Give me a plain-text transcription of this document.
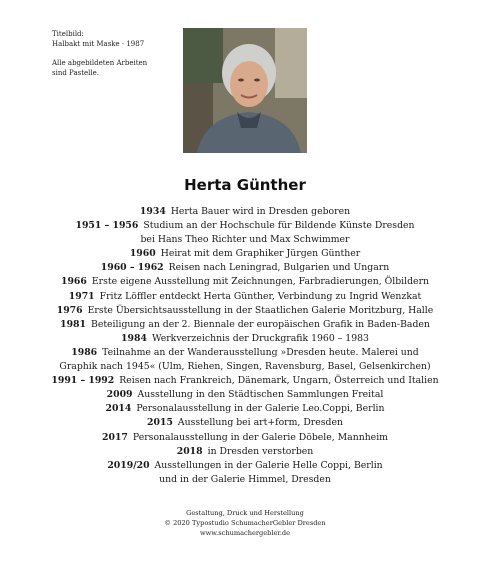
Titelbild:
Halbakt mit Maske · 1987

Alle abgebildeten Arbeiten
sind Pastelle.

Herta Günther
1934 Herta Bauer wird in Dresden geboren
1951 – 1956 Studium an der Hochschule für Bildende Künste Dresden
bei Hans Theo Richter und Max Schwimmer
1960 Heirat mit dem Graphiker Jürgen Günther
1960 – 1962 Reisen nach Leningrad, Bulgarien und Ungarn
1966 Erste eigene Ausstellung mit Zeichnungen, Farbradierungen, Ölbildern
1971 Fritz Löffler entdeckt Herta Günther, Verbindung zu Ingrid Wenzkat
1976 Erste Übersichtsausstellung in der Staatlichen Galerie Moritzburg, Halle
1981 Beteiligung an der 2. Biennale der europäischen Grafik in Baden-Baden
1984 Werkverzeichnis der Druckgrafik 1960 – 1983
1986 Teilnahme an der Wanderausstellung »Dresden heute. Malerei und
Graphik nach 1945« (Ulm, Riehen, Singen, Ravensburg, Basel, Gelsenkirchen)
1991 – 1992 Reisen nach Frankreich, Dänemark, Ungarn, Österreich und Italien
2009 Ausstellung in den Städtischen Sammlungen Freital
2014 Personalausstellung in der Galerie Leo.Coppi, Berlin
2015 Ausstellung bei art+form, Dresden
2017 Personalausstellung in der Galerie Döbele, Mannheim
2018 in Dresden verstorben
2019/20 Ausstellungen in der Galerie Helle Coppi, Berlin
und in der Galerie Himmel, Dresden
Gestaltung, Druck und Herstellung
© 2020 Typostudio SchumacherGebler Dresden
www.schumachergebler.de
